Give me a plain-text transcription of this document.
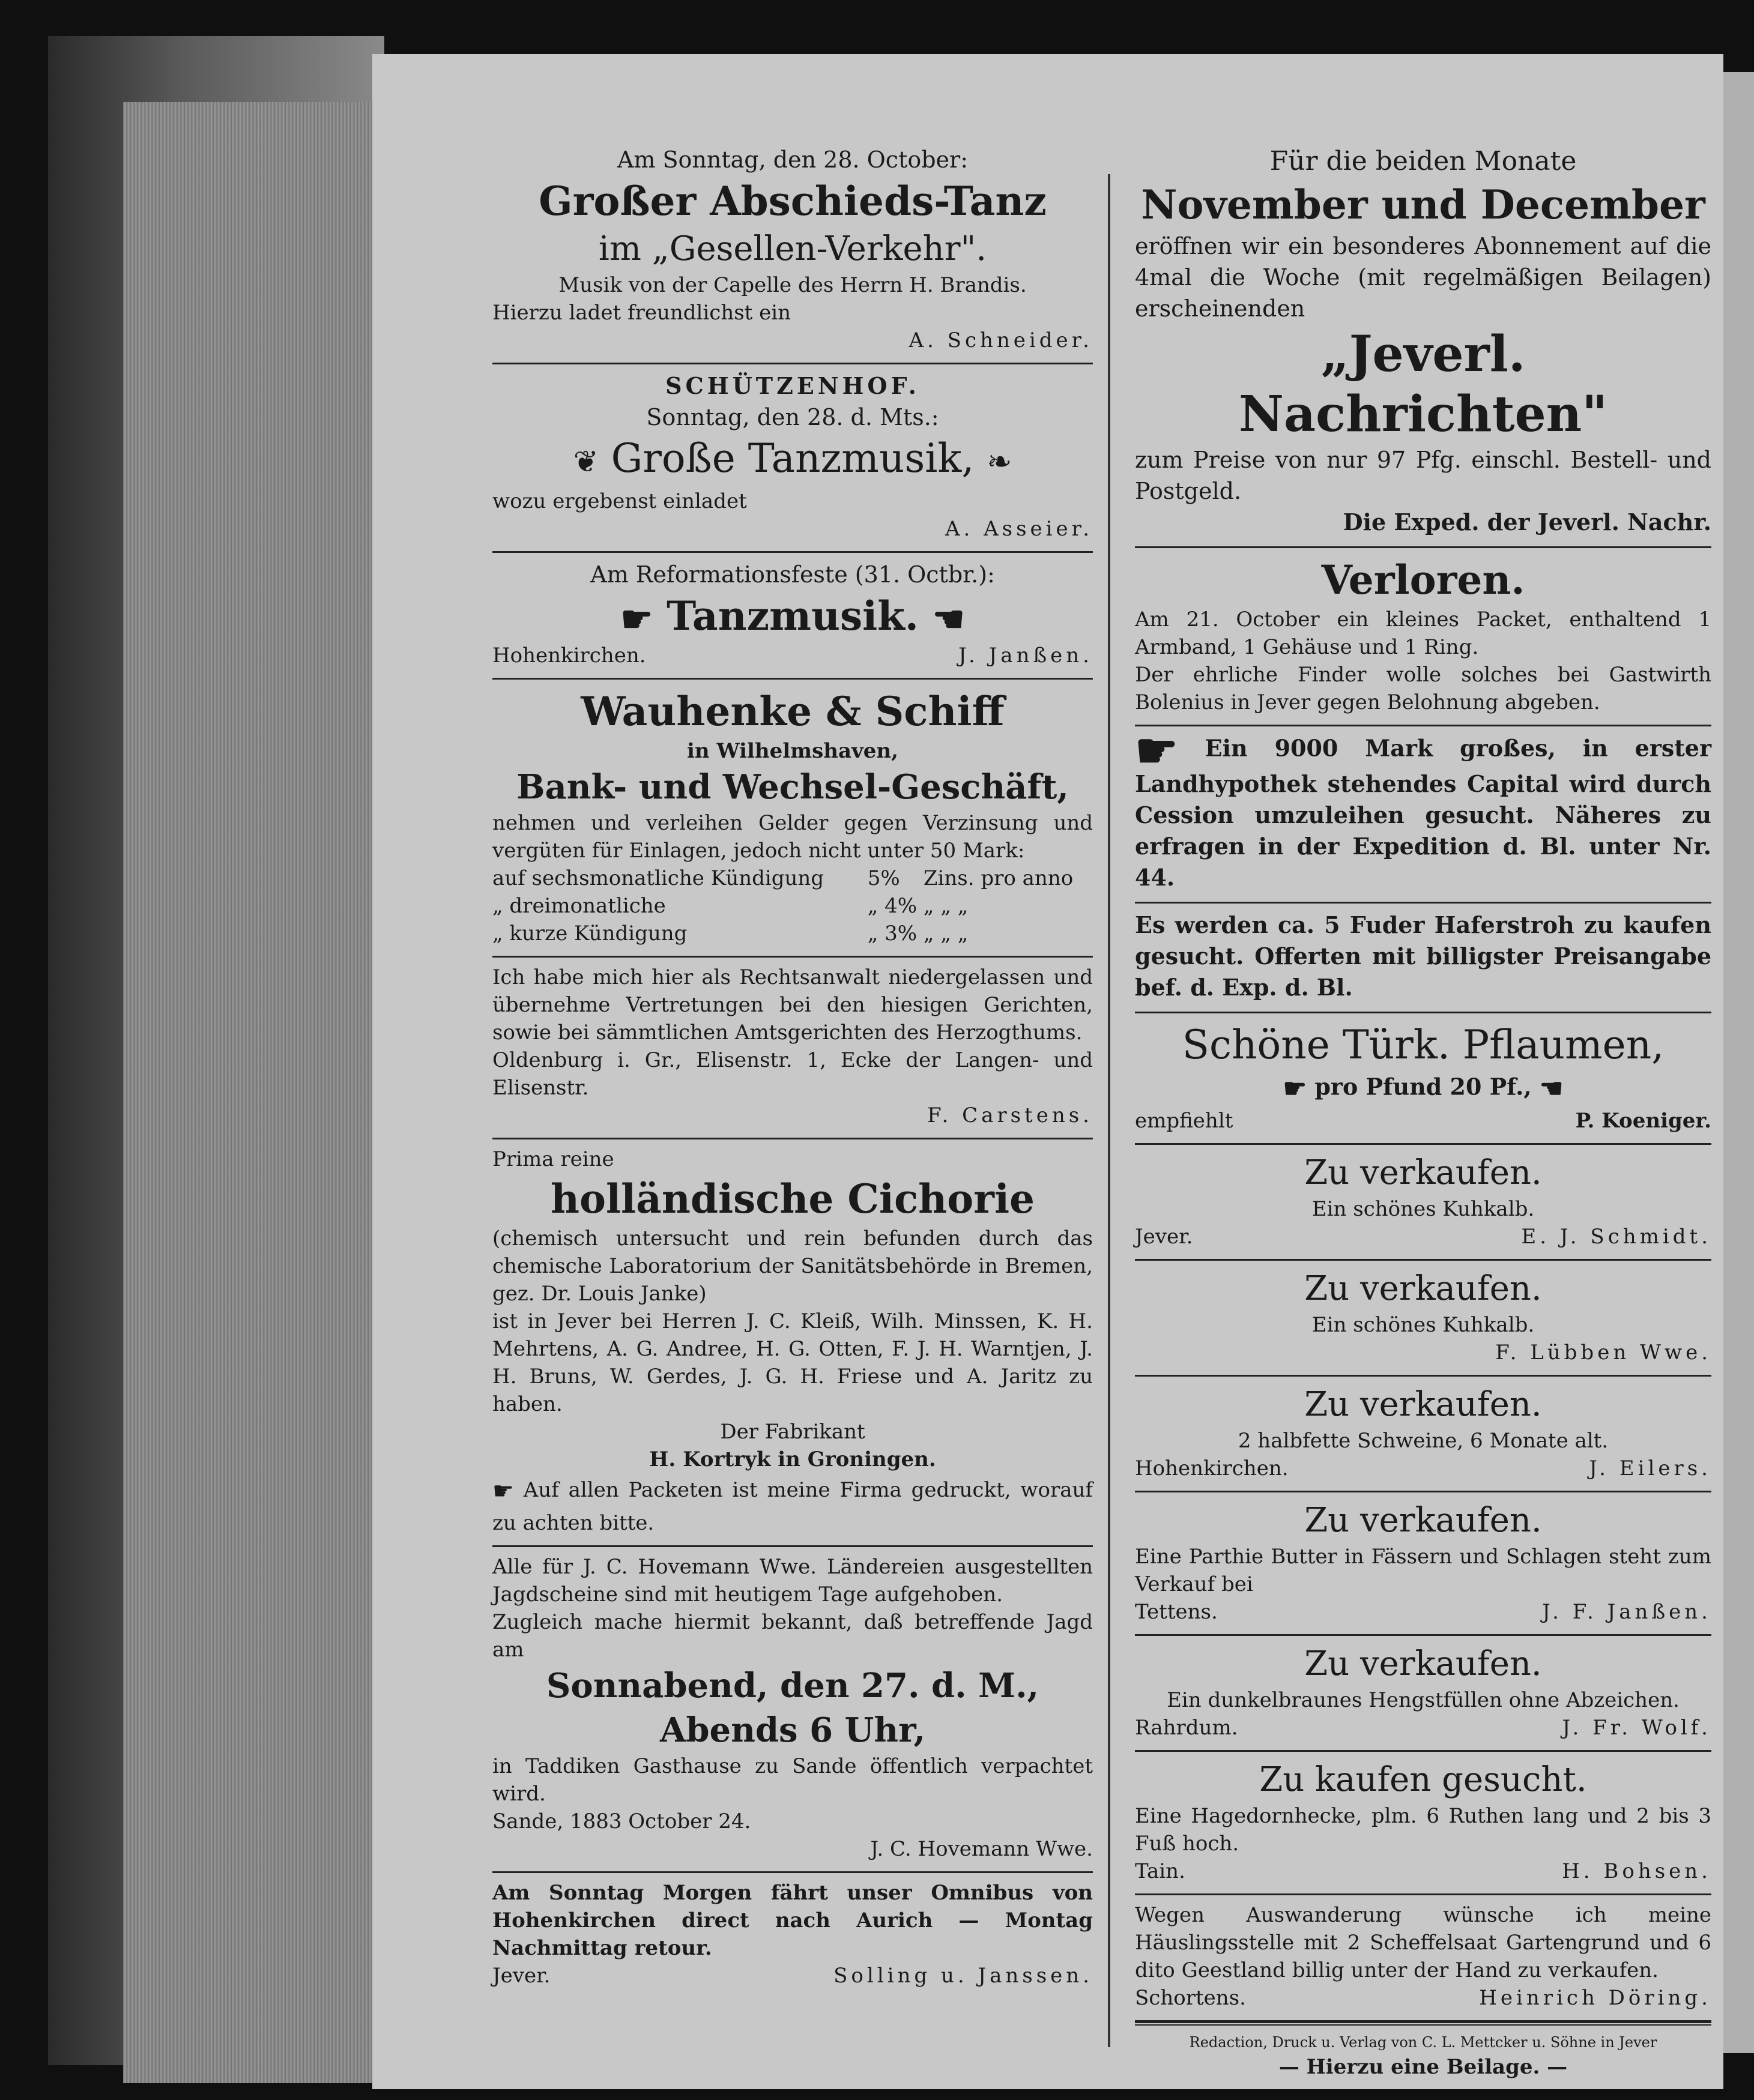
Am Sonntag, den 28. October:

Großer Abschieds-Tanz

im „Gesellen-Verkehr".

Musik von der Capelle des Herrn H. Brandis.

Hierzu ladet freundlichst ein

A. Schneider.

SCHÜTZENHOF.

Sonntag, den 28. d. Mts.:

❦ Große Tanzmusik, ❧

wozu ergebenst einladet

A. Asseier.

Am Reformationsfeste (31. Octbr.):

☛ Tanzmusik. ☚

Hohenkirchen.	J. Janßen.

Wauhenke & Schiff

in Wilhelmshaven,

Bank- und Wechsel-Geschäft,

nehmen und verleihen Gelder gegen Verzinsung und vergüten für Einlagen, jedoch nicht unter 50 Mark:

auf sechsmonatliche Kündigung	5%	Zins. pro anno
„ dreimonatliche	„ 4%	„ „ „
„ kurze Kündigung	„ 3%	„ „ „

Ich habe mich hier als Rechtsanwalt niedergelassen und übernehme Vertretungen bei den hiesigen Gerichten, sowie bei sämmtlichen Amtsgerichten des Herzogthums.

Oldenburg i. Gr., Elisenstr. 1, Ecke der Langen- und Elisenstr.

F. Carstens.

Prima reine

holländische Cichorie

(chemisch untersucht und rein befunden durch das chemische Laboratorium der Sanitätsbehörde in Bremen, gez. Dr. Louis Janke)

ist in Jever bei Herren J. C. Kleiß, Wilh. Minssen, K. H. Mehrtens, A. G. Andree, H. G. Otten, F. J. H. Warntjen, J. H. Bruns, W. Gerdes, J. G. H. Friese und A. Jaritz zu haben.

Der Fabrikant

H. Kortryk in Groningen.

☛ Auf allen Packeten ist meine Firma gedruckt, worauf zu achten bitte.

Alle für J. C. Hovemann Wwe. Ländereien ausgestellten Jagdscheine sind mit heutigem Tage aufgehoben.

Zugleich mache hiermit bekannt, daß betreffende Jagd am

Sonnabend, den 27. d. M.,

Abends 6 Uhr,

in Taddiken Gasthause zu Sande öffentlich verpachtet wird.

Sande, 1883 October 24.

J. C. Hovemann Wwe.

Am Sonntag Morgen fährt unser Omnibus von Hohenkirchen direct nach Aurich — Montag Nachmittag retour.

Jever.	Solling u. Janssen.

Für die beiden Monate

November und December

eröffnen wir ein besonderes Abonnement auf die 4mal die Woche (mit regelmäßigen Beilagen) erscheinenden

„Jeverl. Nachrichten"

zum Preise von nur 97 Pfg. einschl. Bestell- und Postgeld.

Die Exped. der Jeverl. Nachr.

Verloren.

Am 21. October ein kleines Packet, enthaltend 1 Armband, 1 Gehäuse und 1 Ring.

Der ehrliche Finder wolle solches bei Gastwirth Bolenius in Jever gegen Belohnung abgeben.

☛ Ein 9000 Mark großes, in erster Landhypothek stehendes Capital wird durch Cession umzuleihen gesucht. Näheres zu erfragen in der Expedition d. Bl. unter Nr. 44.

Es werden ca. 5 Fuder Haferstroh zu kaufen gesucht. Offerten mit billigster Preisangabe bef. d. Exp. d. Bl.

Schöne Türk. Pflaumen,

☛ pro Pfund 20 Pf., ☚

empfiehlt	P. Koeniger.

Zu verkaufen.

Ein schönes Kuhkalb.

Jever.	E. J. Schmidt.

Zu verkaufen.

Ein schönes Kuhkalb.

F. Lübben Wwe.

Zu verkaufen.

2 halbfette Schweine, 6 Monate alt.

Hohenkirchen.	J. Eilers.

Zu verkaufen.

Eine Parthie Butter in Fässern und Schlagen steht zum Verkauf bei

Tettens.	J. F. Janßen.

Zu verkaufen.

Ein dunkelbraunes Hengstfüllen ohne Abzeichen.

Rahrdum.	J. Fr. Wolf.

Zu kaufen gesucht.

Eine Hagedornhecke, plm. 6 Ruthen lang und 2 bis 3 Fuß hoch.

Tain.	H. Bohsen.

Wegen Auswanderung wünsche ich meine Häuslingsstelle mit 2 Scheffelsaat Gartengrund und 6 dito Geestland billig unter der Hand zu verkaufen.

Schortens.	Heinrich Döring.

Redaction, Druck u. Verlag von C. L. Mettcker u. Söhne in Jever

— Hierzu eine Beilage. —
